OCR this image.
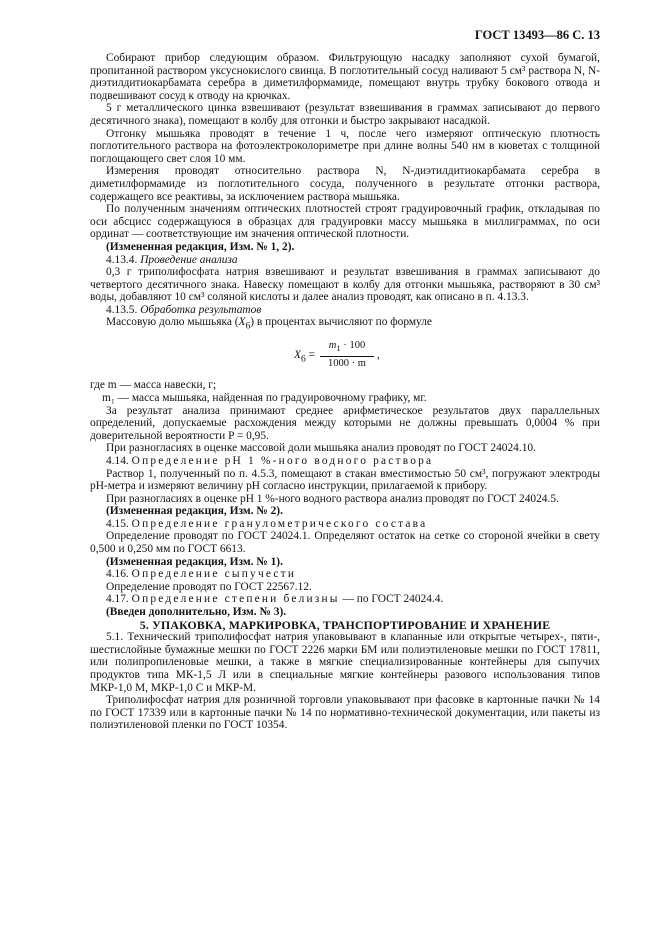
ГОСТ 13493—86 С. 13

Собирают прибор следующим образом. Фильтрующую насадку заполняют сухой бумагой, пропитанной раствором уксуснокислого свинца. В поглотительный сосуд наливают 5 см³ раствора N, N-диэтилдитиокарбамата серебра в диметилформамиде, помещают внутрь трубку бокового отвода и подвешивают сосуд к отводу на крючках.

5 г металлического цинка взвешивают (результат взвешивания в граммах записывают до первого десятичного знака), помещают в колбу для отгонки и быстро закрывают насадкой.

Отгонку мышьяка проводят в течение 1 ч, после чего измеряют оптическую плотность поглотительного раствора на фотоэлектроколориметре при длине волны 540 нм в кюветах с толщиной поглощающего свет слоя 10 мм.

Измерения проводят относительно раствора N, N-диэтилдитиокарбамата серебра в диметилформамиде из поглотительного сосуда, полученного в результате отгонки раствора, содержащего все реактивы, за исключением раствора мышьяка.

По полученным значениям оптических плотностей строят градуировочный график, откладывая по оси абсцисс содержащуюся в образцах для градуировки массу мышьяка в миллиграммах, по оси ординат — соответствующие им значения оптической плотности.

(Измененная редакция, Изм. № 1, 2).

4.13.4. Проведение анализа

0,3 г триполифосфата натрия взвешивают и результат взвешивания в граммах записывают до четвертого десятичного знака. Навеску помещают в колбу для отгонки мышьяка, растворяют в 30 см³ воды, добавляют 10 см³ соляной кислоты и далее анализ проводят, как описано в п. 4.13.3.

4.13.5. Обработка результатов

Массовую долю мышьяка $(X_6)$ в процентах вычисляют по формуле

$X_6 = \frac{m_1 \cdot 100}{1000 \cdot m}$ ,

где m — масса навески, г;

m₁ — масса мышьяка, найденная по градуировочному графику, мг.

За результат анализа принимают среднее арифметическое результатов двух параллельных определений, допускаемые расхождения между которыми не должны превышать 0,0004 % при доверительной вероятности P = 0,95.

При разногласиях в оценке массовой доли мышьяка анализ проводят по ГОСТ 24024.10.

4.14. Определение pH 1 %-ного водного раствора

Раствор 1, полученный по п. 4.5.3, помещают в стакан вместимостью 50 см³, погружают электроды pH-метра и измеряют величину pH согласно инструкции, прилагаемой к прибору.

При разногласиях в оценке pH 1 %-ного водного раствора анализ проводят по ГОСТ 24024.5.

(Измененная редакция, Изм. № 2).

4.15. Определение гранулометрического состава

Определение проводят по ГОСТ 24024.1. Определяют остаток на сетке со стороной ячейки в свету 0,500 и 0,250 мм по ГОСТ 6613.

(Измененная редакция, Изм. № 1).

4.16. Определение сыпучести

Определение проводят по ГОСТ 22567.12.

4.17. Определение степени белизны — по ГОСТ 24024.4.

(Введен дополнительно, Изм. № 3).

5. УПАКОВКА, МАРКИРОВКА, ТРАНСПОРТИРОВАНИЕ И ХРАНЕНИЕ

5.1. Технический триполифосфат натрия упаковывают в клапанные или открытые четырех-, пяти-, шестислойные бумажные мешки по ГОСТ 2226 марки БМ или полиэтиленовые мешки по ГОСТ 17811, или полипропиленовые мешки, а также в мягкие специализированные контейнеры для сыпучих продуктов типа МК-1,5 Л или в специальные мягкие контейнеры разового использования типов МКР-1,0 М, МКР-1,0 С и МКР-М.

Триполифосфат натрия для розничной торговли упаковывают при фасовке в картонные пачки № 14 по ГОСТ 17339 или в картонные пачки № 14 по нормативно-технической документации, или пакеты из полиэтиленовой пленки по ГОСТ 10354.
